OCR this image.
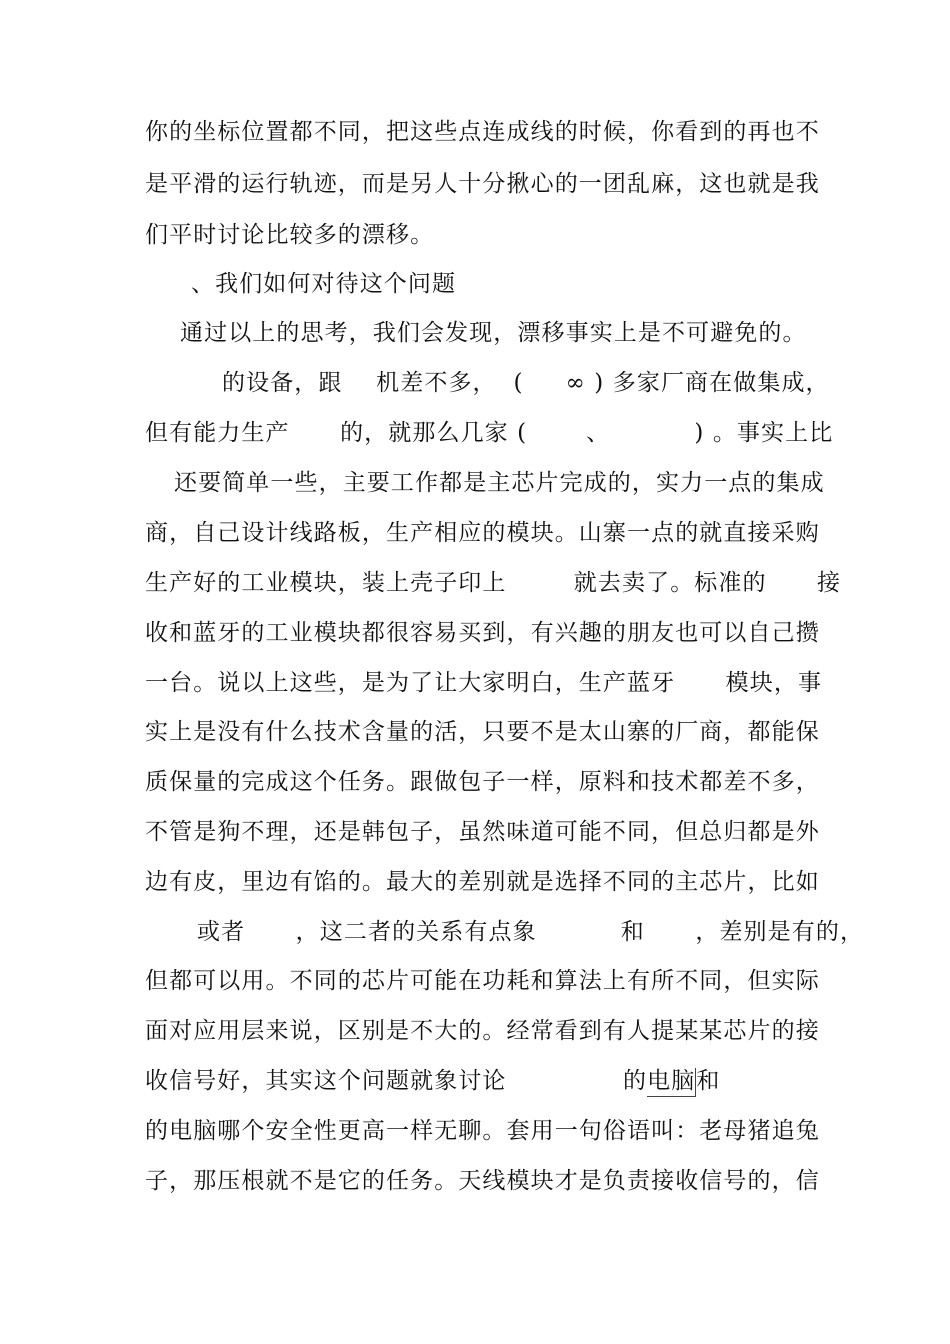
你的坐标位置都不同，把这些点连成线的时候，你看到的再也不
是平滑的运行轨迹，而是另人十分揪心的一团乱麻，这也就是我
们平时讨论比较多的漂移。
、我们如何对待这个问题
通过以上的思考，我们会发现，漂移事实上是不可避免的。
的设备，跟    机差不多，  (     ∞ ) 多家厂商在做集成，
但有能力生产      的，就那么几家 (       、          ) 。事实上比
还要简单一些，主要工作都是主芯片完成的，实力一点的集成
商，自己设计线路板，生产相应的模块。山寨一点的就直接采购
生产好的工业模块，装上壳子印上        就去卖了。标准的      接
收和蓝牙的工业模块都很容易买到，有兴趣的朋友也可以自己攒
一台。说以上这些，是为了让大家明白，生产蓝牙      模块，事
实上是没有什么技术含量的活，只要不是太山寨的厂商，都能保
质保量的完成这个任务。跟做包子一样，原料和技术都差不多，
不管是狗不理，还是韩包子，虽然味道可能不同，但总归都是外
边有皮，里边有馅的。最大的差别就是选择不同的主芯片，比如
或者      ，这二者的关系有点象          和      ，差别是有的，
但都可以用。不同的芯片可能在功耗和算法上有所不同，但实际
面对应用层来说，区别是不大的。经常看到有人提某某芯片的接
收信号好，其实这个问题就象讨论	的电脑和
的电脑哪个安全性更高一样无聊。套用一句俗语叫：老母猪追兔
子，那压根就不是它的任务。天线模块才是负责接收信号的，信
